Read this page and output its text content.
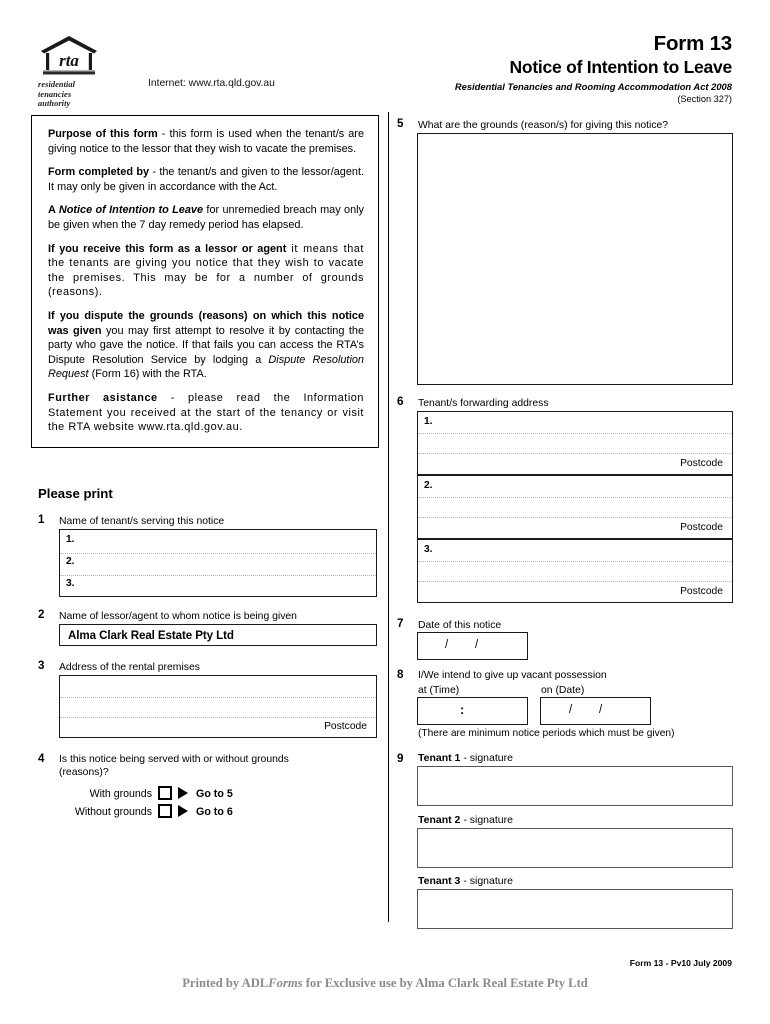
rta
residential
tenancies
authority
Internet: www.rta.qld.gov.au
Form 13
Notice of Intention to Leave
Residential Tenancies and Rooming Accommodation Act 2008
(Section 327)

Purpose of this form - this form is used when the tenant/s are giving notice to the lessor that they wish to vacate the premises.

Form completed by - the tenant/s and given to the lessor/agent. It may only be given in accordance with the Act.

A Notice of Intention to Leave for unremedied breach may only be given when the 7 day remedy period has elapsed.

If you receive this form as a lessor or agent it means that the tenants are giving you notice that they wish to vacate the premises. This may be for a number of grounds (reasons).

If you dispute the grounds (reasons) on which this notice was given you may first attempt to resolve it by contacting the party who gave the notice. If that fails you can access the RTA’s Dispute Resolution Service by lodging a Dispute Resolution Request (Form 16) with the RTA.

Further asistance - please read the Information Statement you received at the start of the tenancy or visit the RTA website www.rta.qld.gov.au.

Please print
1 Name of tenant/s serving this notice
1.
2.
3.
2 Name of lessor/agent to whom notice is being given
Alma Clark Real Estate Pty Ltd
3 Address of the rental premises
Postcode
4 Is this notice being served with or without grounds (reasons)?
With grounds	Go to 5
Without grounds	Go to 6
5 What are the grounds (reason/s) for giving this notice?
6 Tenant/s forwarding address
1.
Postcode
2.
Postcode
3.
Postcode
7 Date of this notice
/ /
8 I/We intend to give up vacant possession
at (Time)	on (Date)
:	/ /
(There are minimum notice periods which must be given)
9 Tenant 1 - signature
Tenant 2 - signature
Tenant 3 - signature
Form 13 - Pv10 July 2009
Printed by ADLForms for Exclusive use by Alma Clark Real Estate Pty Ltd
